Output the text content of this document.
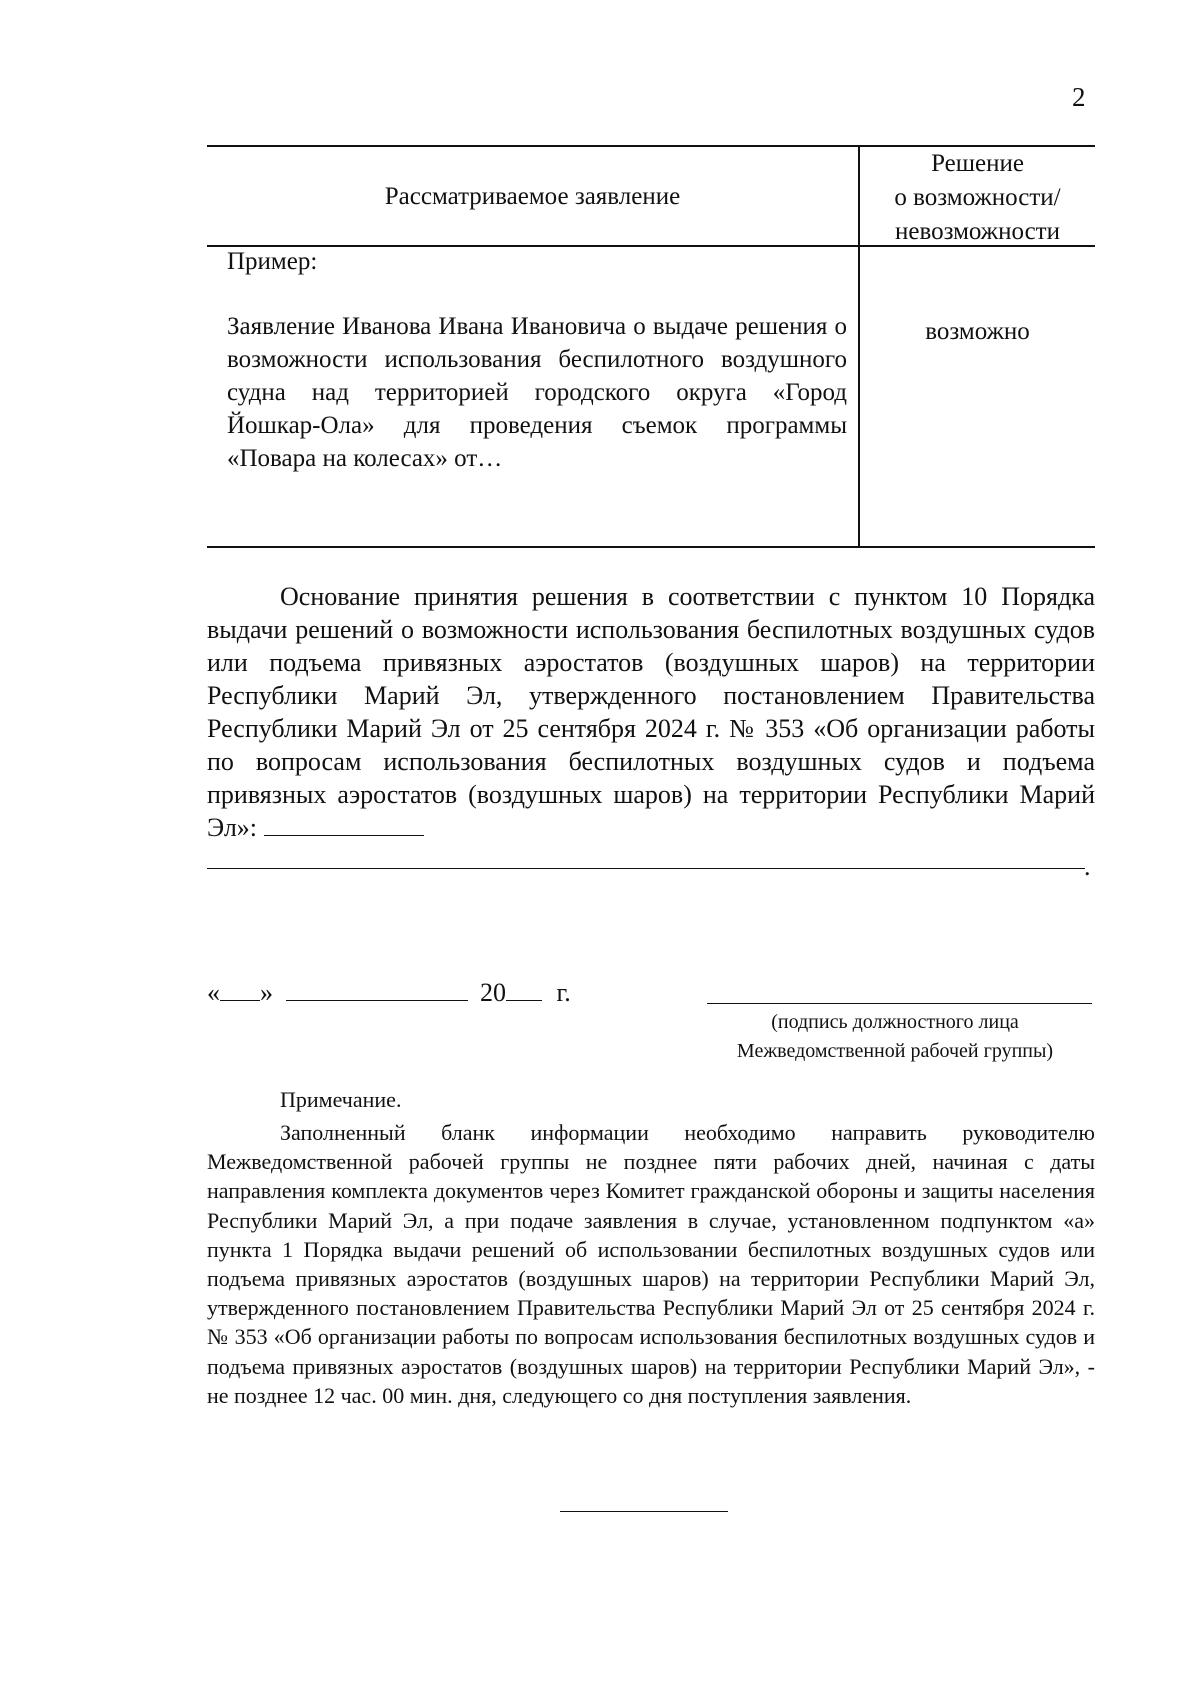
2
Рассматриваемое заявление
Решение
о возможности/
невозможности
Пример:
Заявление Иванова Ивана Ивановича о выдаче решения о возможности использования беспилотного воздушного судна над территорией городского округа «Город Йошкар-Ола» для проведения съемок программы «Повара на колесах» от…
возможно

Основание принятия решения в соответствии с пунктом 10 Порядка выдачи решений о возможности использования беспилотных воздушных судов или подъема привязных аэростатов (воздушных шаров) на территории Республики Марий Эл, утвержденного постановлением Правительства Республики Марий Эл от 25 сентября 2024 г. № 353 «Об организации работы по вопросам использования беспилотных воздушных судов и подъема привязных аэростатов (воздушных шаров) на территории Республики Марий Эл»:

.
« »	20 г.
(подпись должностного лица
Межведомственной рабочей группы)
Примечание.

Заполненный бланк информации необходимо направить руководителю Межведомственной рабочей группы не позднее пяти рабочих дней, начиная с даты направления комплекта документов через Комитет гражданской обороны и защиты населения Республики Марий Эл, а при подаче заявления в случае, установленном подпунктом «а» пункта 1 Порядка выдачи решений об использовании беспилотных воздушных судов или подъема привязных аэростатов (воздушных шаров) на территории Республики Марий Эл, утвержденного постановлением Правительства Республики Марий Эл от 25 сентября 2024 г. № 353 «Об организации работы по вопросам использования беспилотных воздушных судов и подъема привязных аэростатов (воздушных шаров) на территории Республики Марий Эл», - не позднее 12 час. 00 мин. дня, следующего со дня поступления заявления.
